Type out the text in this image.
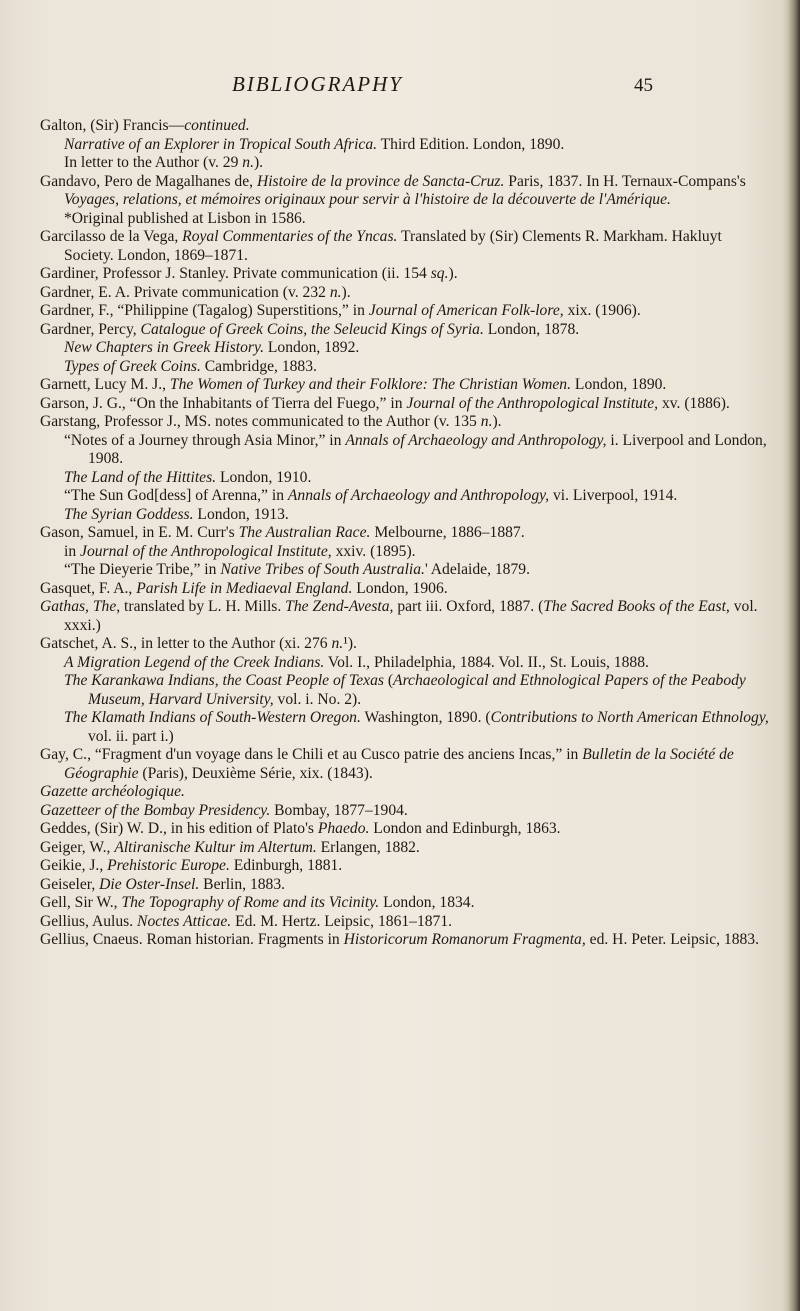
BIBLIOGRAPHY	45

Galton, (Sir) Francis—continued.

Narrative of an Explorer in Tropical South Africa. Third Edition. London, 1890.

In letter to the Author (v. 29 n.).

Gandavo, Pero de Magalhanes de, Histoire de la province de Sancta-Cruz. Paris, 1837. In H. Ternaux-Compans's Voyages, relations, et mémoires originaux pour servir à l'histoire de la découverte de l'Amérique.

*Original published at Lisbon in 1586.

Garcilasso de la Vega, Royal Commentaries of the Yncas. Translated by (Sir) Clements R. Markham. Hakluyt Society. London, 1869–1871.

Gardiner, Professor J. Stanley. Private communication (ii. 154 sq.).

Gardner, E. A. Private communication (v. 232 n.).

Gardner, F., “Philippine (Tagalog) Superstitions,” in Journal of American Folk-lore, xix. (1906).

Gardner, Percy, Catalogue of Greek Coins, the Seleucid Kings of Syria. London, 1878.

New Chapters in Greek History. London, 1892.

Types of Greek Coins. Cambridge, 1883.

Garnett, Lucy M. J., The Women of Turkey and their Folklore: The Christian Women. London, 1890.

Garson, J. G., “On the Inhabitants of Tierra del Fuego,” in Journal of the Anthropological Institute, xv. (1886).

Garstang, Professor J., MS. notes communicated to the Author (v. 135 n.).

“Notes of a Journey through Asia Minor,” in Annals of Archaeology and Anthropology, i. Liverpool and London, 1908.

The Land of the Hittites. London, 1910.

“The Sun God[dess] of Arenna,” in Annals of Archaeology and Anthropology, vi. Liverpool, 1914.

The Syrian Goddess. London, 1913.

Gason, Samuel, in E. M. Curr's The Australian Race. Melbourne, 1886–1887.

in Journal of the Anthropological Institute, xxiv. (1895).

“The Dieyerie Tribe,” in Native Tribes of South Australia.' Adelaide, 1879.

Gasquet, F. A., Parish Life in Mediaeval England. London, 1906.

Gathas, The, translated by L. H. Mills. The Zend-Avesta, part iii. Oxford, 1887. (The Sacred Books of the East, vol. xxxi.)

Gatschet, A. S., in letter to the Author (xi. 276 n.¹).

A Migration Legend of the Creek Indians. Vol. I., Philadelphia, 1884. Vol. II., St. Louis, 1888.

The Karankawa Indians, the Coast People of Texas (Archaeological and Ethnological Papers of the Peabody Museum, Harvard University, vol. i. No. 2).

The Klamath Indians of South-Western Oregon. Washington, 1890. (Contributions to North American Ethnology, vol. ii. part i.)

Gay, C., “Fragment d'un voyage dans le Chili et au Cusco patrie des anciens Incas,” in Bulletin de la Société de Géographie (Paris), Deuxième Série, xix. (1843).

Gazette archéologique.

Gazetteer of the Bombay Presidency. Bombay, 1877–1904.

Geddes, (Sir) W. D., in his edition of Plato's Phaedo. London and Edinburgh, 1863.

Geiger, W., Altiranische Kultur im Altertum. Erlangen, 1882.

Geikie, J., Prehistoric Europe. Edinburgh, 1881.

Geiseler, Die Oster-Insel. Berlin, 1883.

Gell, Sir W., The Topography of Rome and its Vicinity. London, 1834.

Gellius, Aulus. Noctes Atticae. Ed. M. Hertz. Leipsic, 1861–1871.

Gellius, Cnaeus. Roman historian. Fragments in Historicorum Romanorum Fragmenta, ed. H. Peter. Leipsic, 1883.
